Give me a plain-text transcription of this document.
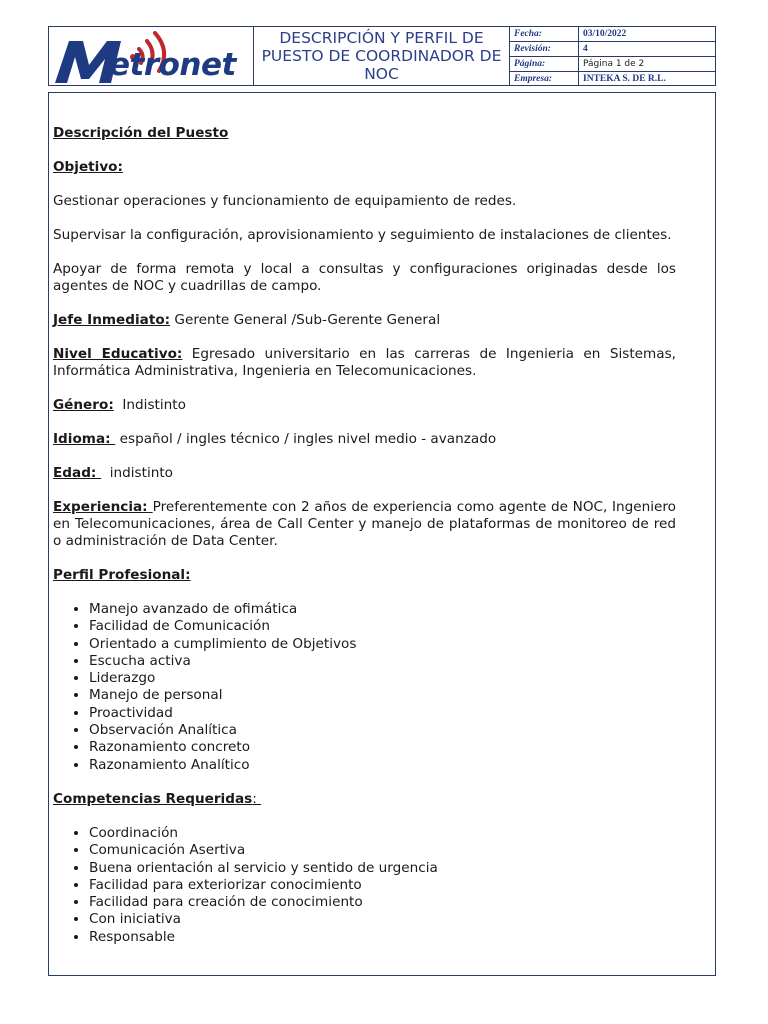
etronet
DESCRIPCIÓN Y PERFIL DE PUESTO DE COORDINADOR DE NOC
Fecha:	03/10/2022
Revisión:	4
Página:	Página 1 de 2
Empresa:	INTEKA S. DE R.L.

Descripción del Puesto

Objetivo:

Gestionar operaciones y funcionamiento de equipamiento de redes.

Supervisar la configuración, aprovisionamiento y seguimiento de instalaciones de clientes.

Apoyar de forma remota y local a consultas y configuraciones originadas desde los agentes de NOC y cuadrillas de campo.

Jefe Inmediato: Gerente General /Sub-Gerente General

Nivel Educativo: Egresado universitario en las carreras de Ingenieria en Sistemas, Informática Administrativa, Ingenieria en Telecomunicaciones.

Género:  Indistinto

Idioma:  español / ingles técnico / ingles nivel medio - avanzado

Edad:   indistinto

Experiencia: Preferentemente con 2 años de experiencia como agente de NOC, Ingeniero en Telecomunicaciones, área de Call Center y manejo de plataformas de monitoreo de red o administración de Data Center.

Perfil Profesional:

• Manejo avanzado de ofimática
• Facilidad de Comunicación
• Orientado a cumplimiento de Objetivos
• Escucha activa
• Liderazgo
• Manejo de personal
• Proactividad
• Observación Analítica
• Razonamiento concreto
• Razonamiento Analítico

Competencias Requeridas:

• Coordinación
• Comunicación Asertiva
• Buena orientación al servicio y sentido de urgencia
• Facilidad para exteriorizar conocimiento
• Facilidad para creación de conocimiento
• Con iniciativa
• Responsable
